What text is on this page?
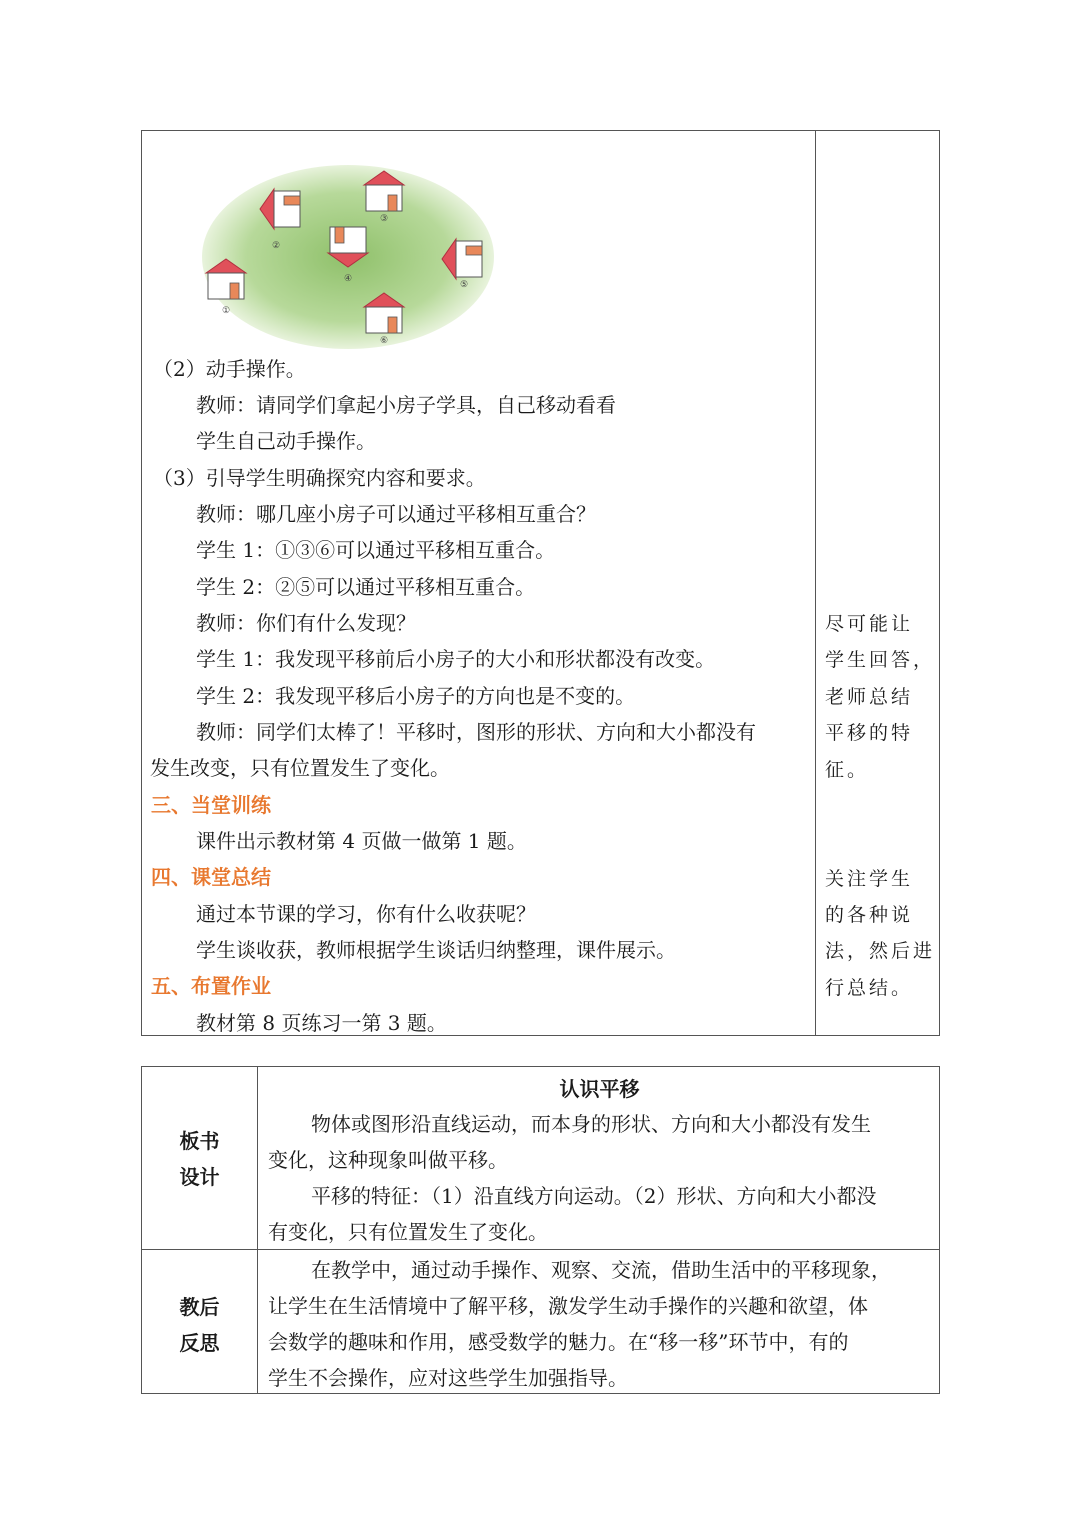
①
②
③
④
⑤
⑥
（2）动手操作。
教师：请同学们拿起小房子学具，自己移动看看
学生自己动手操作。
（3）引导学生明确探究内容和要求。
教师：哪几座小房子可以通过平移相互重合？
学生 1：①③⑥可以通过平移相互重合。
学生 2：②⑤可以通过平移相互重合。
教师：你们有什么发现？
学生 1：我发现平移前后小房子的大小和形状都没有改变。
学生 2：我发现平移后小房子的方向也是不变的。
教师：同学们太棒了！平移时，图形的形状、方向和大小都没有
发生改变，只有位置发生了变化。
三、当堂训练
课件出示教材第 4 页做一做第 1 题。
四、课堂总结
通过本节课的学习，你有什么收获呢？
学生谈收获，教师根据学生谈话归纳整理，课件展示。
五、布置作业
教材第 8 页练习一第 3 题。
尽可能让
学生回答，
老师总结
平移的特
征。
关注学生
的各种说
法，然后进
行总结。
板书
设计
认识平移
物体或图形沿直线运动，而本身的形状、方向和大小都没有发生
变化，这种现象叫做平移。
平移的特征：（1）沿直线方向运动。（2）形状、方向和大小都没
有变化，只有位置发生了变化。
教后
反思
在教学中，通过动手操作、观察、交流，借助生活中的平移现象，
让学生在生活情境中了解平移，激发学生动手操作的兴趣和欲望，体
会数学的趣味和作用，感受数学的魅力。在“移一移”环节中，有的
学生不会操作，应对这些学生加强指导。
